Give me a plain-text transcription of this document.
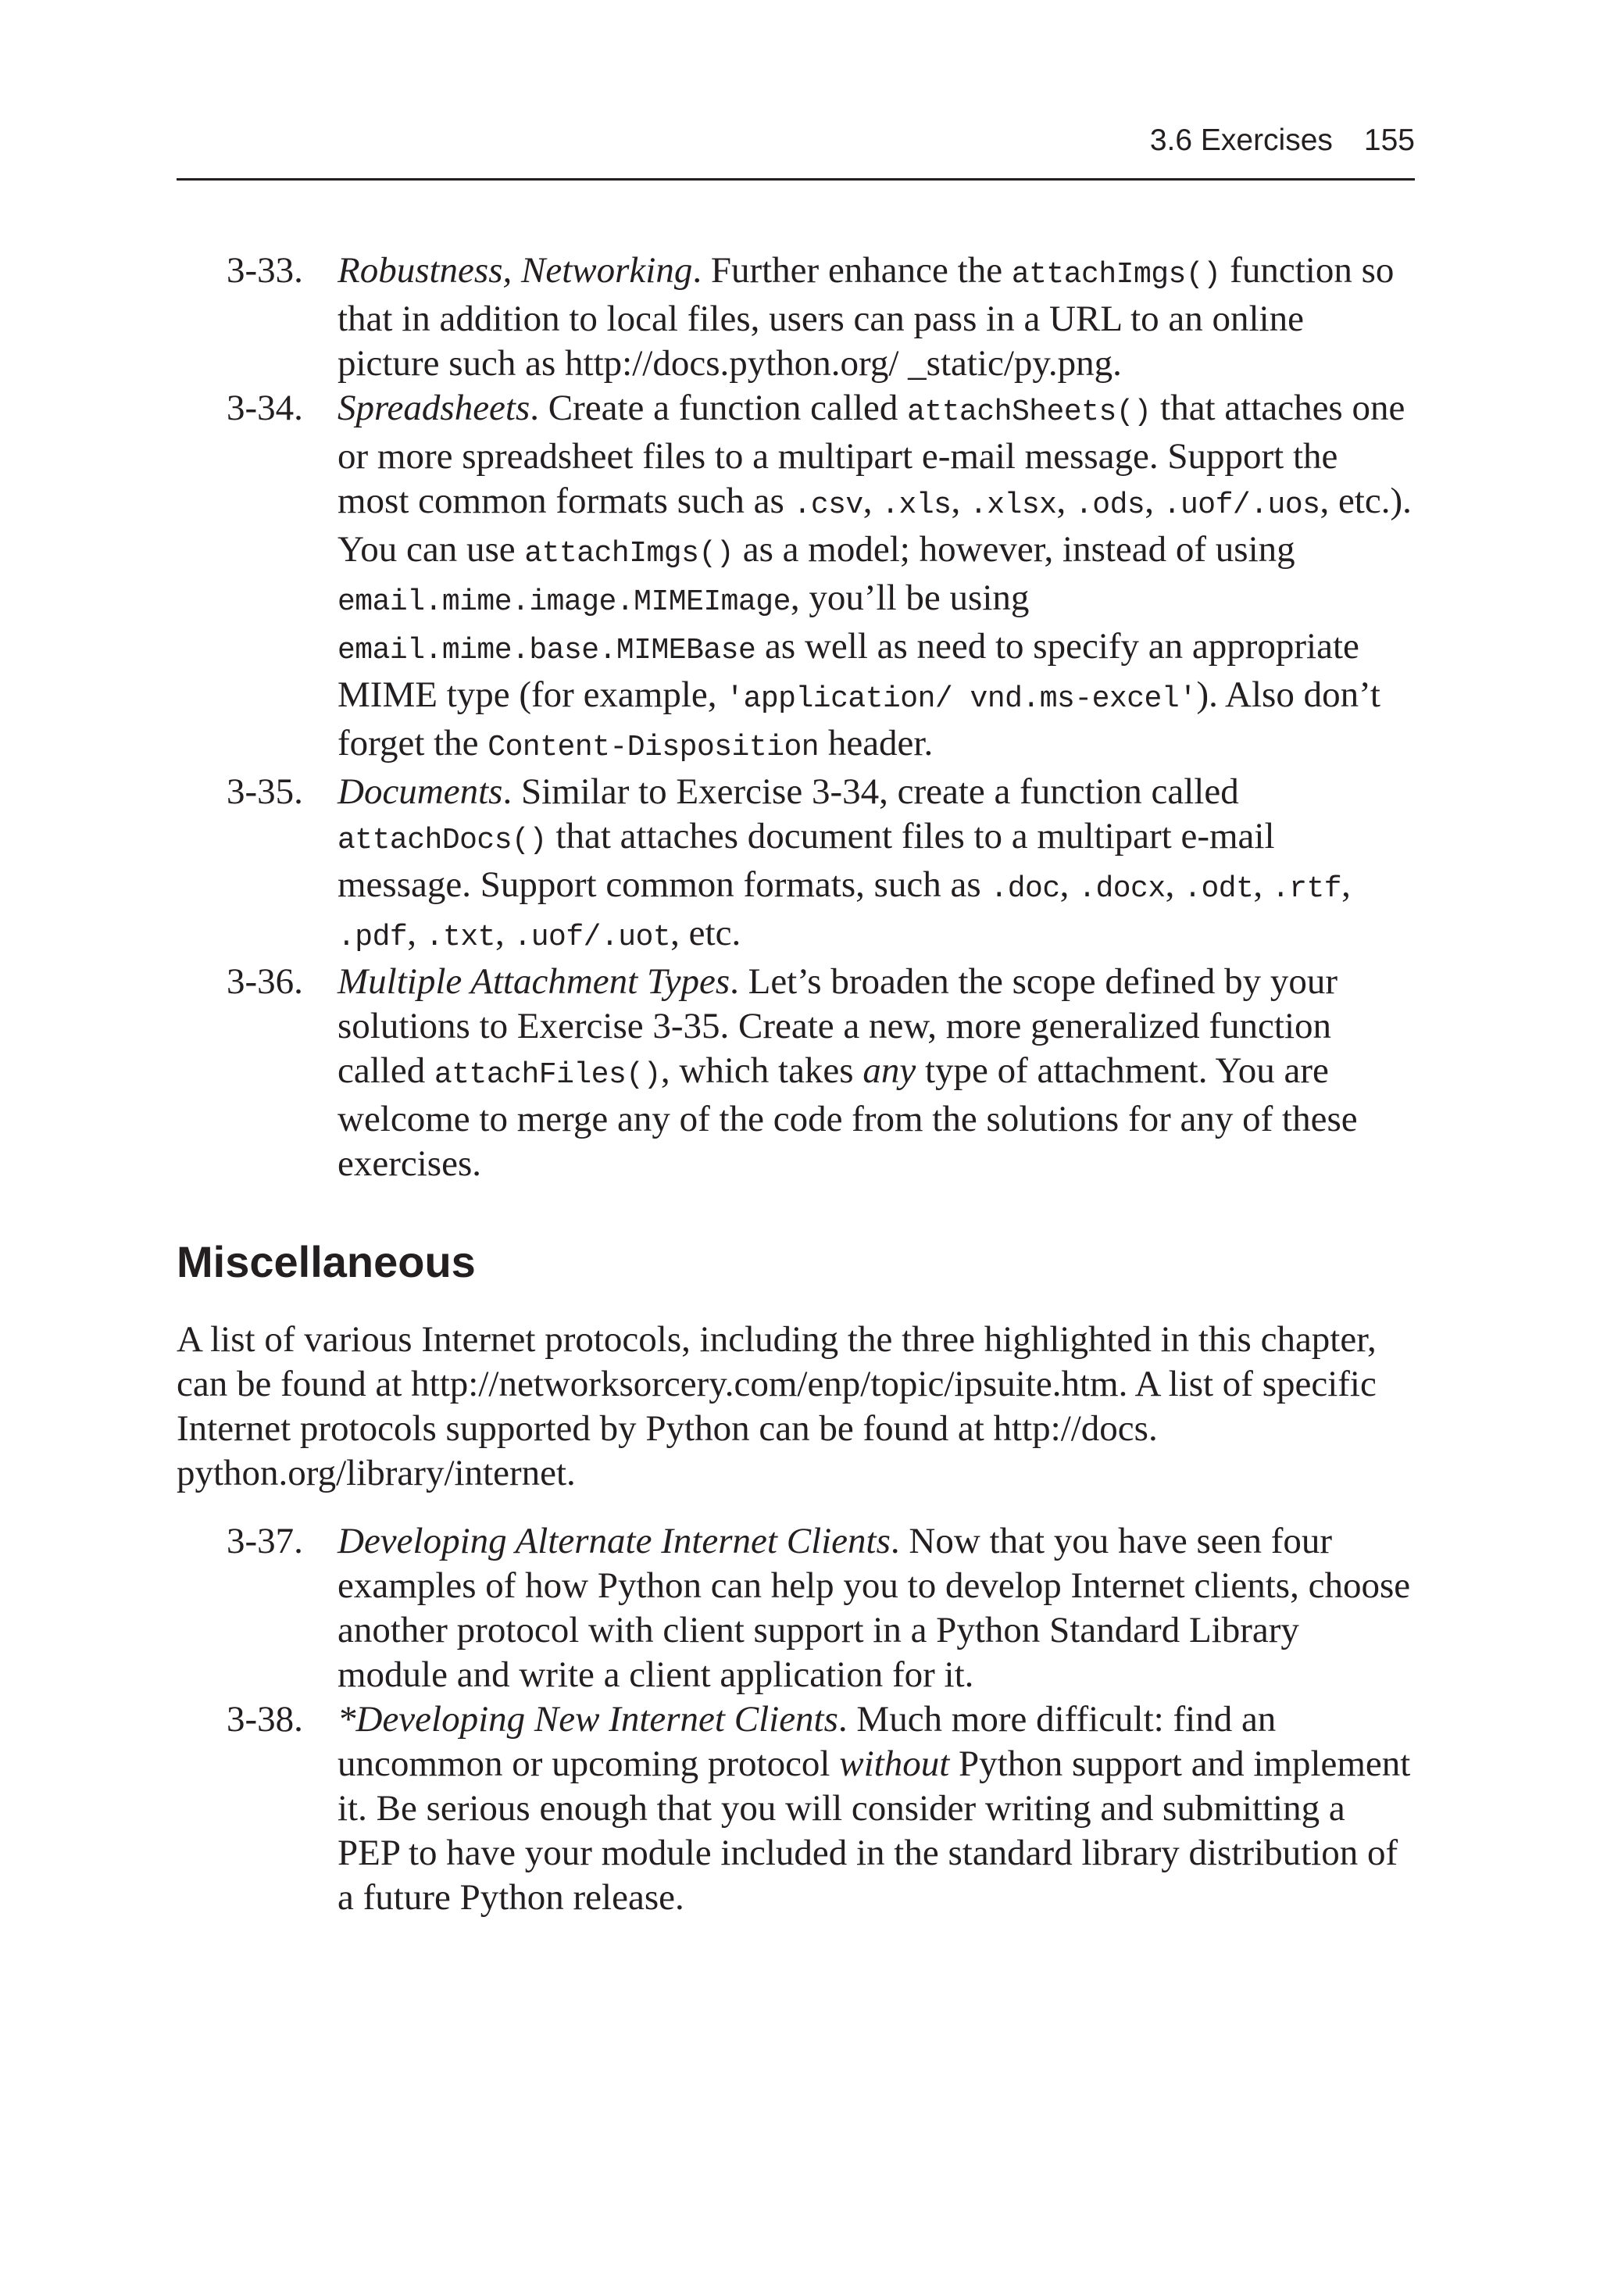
3.6 Exercises 155
3-33. Robustness, Networking. Further enhance the attachImgs() function so that in addition to local files, users can pass in a URL to an online picture such as http://docs.python.org/ _static/py.png.
3-34. Spreadsheets. Create a function called attachSheets() that attaches one or more spreadsheet files to a multipart e-mail message. Support the most common formats such as .csv, .xls, .xlsx, .ods, .uof/.uos, etc.). You can use attachImgs() as a model; however, instead of using email.mime.image.MIMEImage, you’ll be using email.mime.base.MIMEBase as well as need to specify an appropriate MIME type (for example, 'application/ vnd.ms-excel'). Also don’t forget the Content-Disposition header.
3-35. Documents. Similar to Exercise 3-34, create a function called attachDocs() that attaches document files to a multipart e-mail message. Support common formats, such as .doc, .docx, .odt, .rtf, .pdf, .txt, .uof/.uot, etc.
3-36. Multiple Attachment Types. Let’s broaden the scope defined by your solutions to Exercise 3-35. Create a new, more generalized function called attachFiles(), which takes any type of attachment. You are welcome to merge any of the code from the solutions for any of these exercises.
Miscellaneous

A list of various Internet protocols, including the three highlighted in this chapter, can be found at http://networksorcery.com/enp/topic/ipsuite.htm. A list of specific Internet protocols supported by Python can be found at http://docs. python.org/library/internet.

3-37. Developing Alternate Internet Clients. Now that you have seen four examples of how Python can help you to develop Internet clients, choose another protocol with client support in a Python Standard Library module and write a client application for it.
3-38. *Developing New Internet Clients. Much more difficult: find an uncommon or upcoming protocol without Python support and implement it. Be serious enough that you will consider writing and submitting a PEP to have your module included in the standard library distribution of a future Python release.
